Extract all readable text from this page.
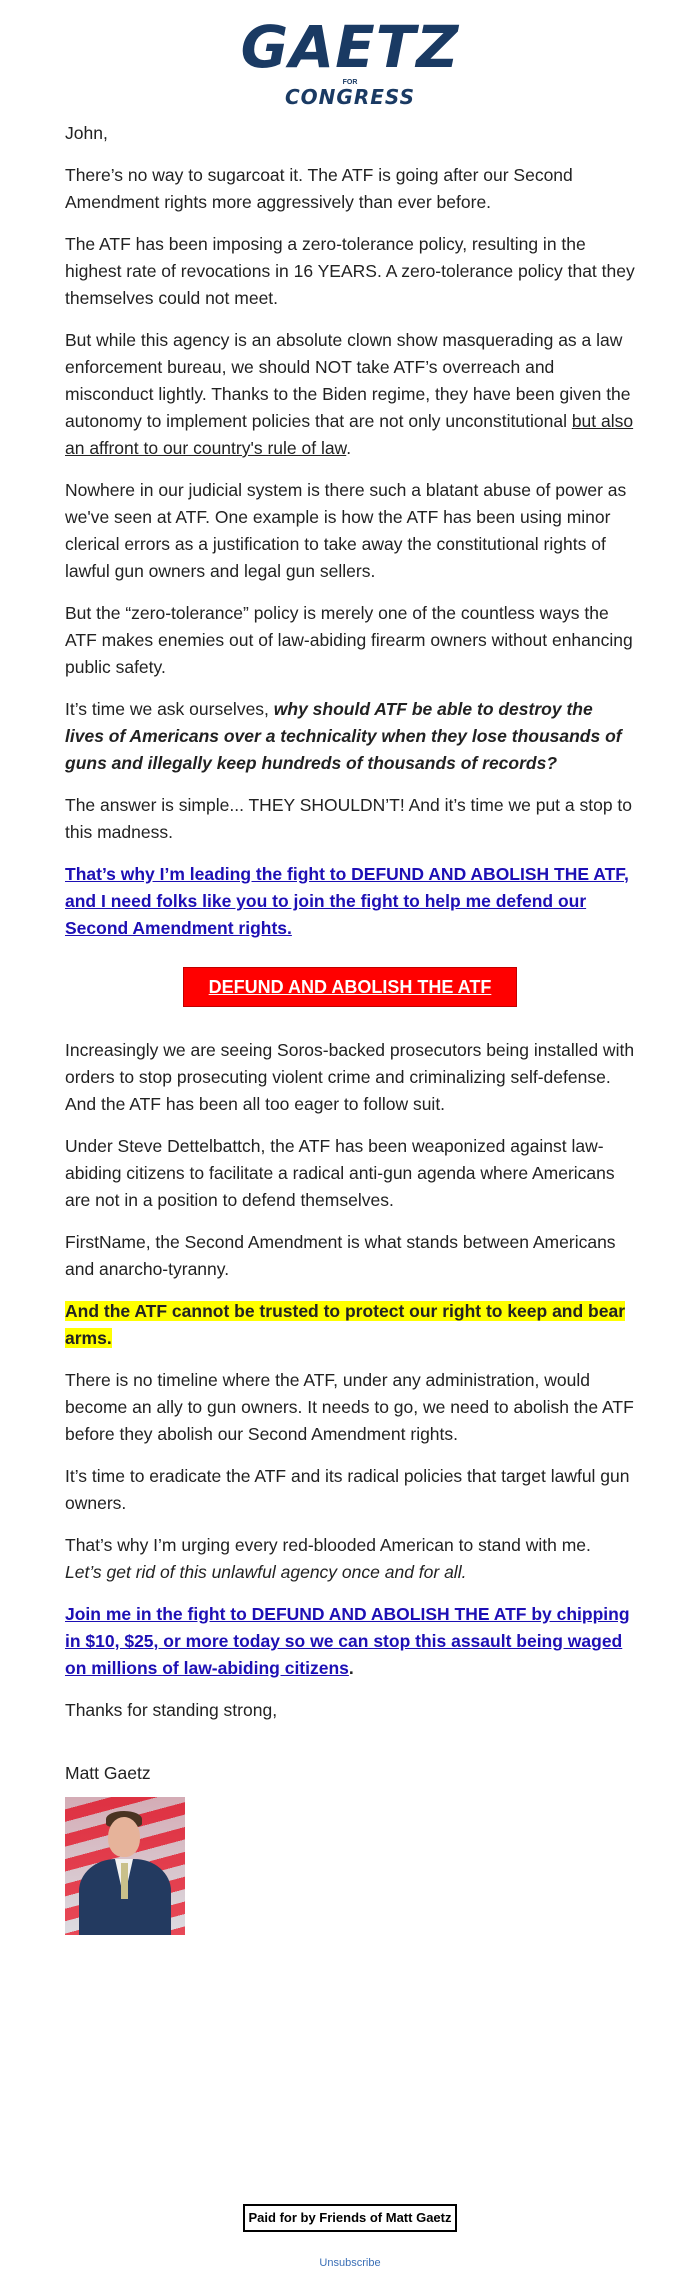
GAETZ
FOR
CONGRESS

John,

There’s no way to sugarcoat it. The ATF is going after our Second Amendment rights more aggressively than ever before.

The ATF has been imposing a zero-tolerance policy, resulting in the highest rate of revocations in 16 YEARS. A zero-tolerance policy that they themselves could not meet.

But while this agency is an absolute clown show masquerading as a law enforcement bureau, we should NOT take ATF’s overreach and misconduct lightly. Thanks to the Biden regime, they have been given the autonomy to implement policies that are not only unconstitutional but also an affront to our country's rule of law.

Nowhere in our judicial system is there such a blatant abuse of power as we've seen at ATF. One example is how the ATF has been using minor clerical errors as a justification to take away the constitutional rights of lawful gun owners and legal gun sellers.

But the “zero-tolerance” policy is merely one of the countless ways the ATF makes enemies out of law-abiding firearm owners without enhancing public safety.

It’s time we ask ourselves, why should ATF be able to destroy the lives of Americans over a technicality when they lose thousands of guns and illegally keep hundreds of thousands of records?

The answer is simple... THEY SHOULDN’T! And it’s time we put a stop to this madness.

That’s why I’m leading the fight to DEFUND AND ABOLISH THE ATF, and I need folks like you to join the fight to help me defend our Second Amendment rights.

DEFUND AND ABOLISH THE ATF

Increasingly we are seeing Soros-backed prosecutors being installed with orders to stop prosecuting violent crime and criminalizing self-defense. And the ATF has been all too eager to follow suit.

Under Steve Dettelbattch, the ATF has been weaponized against law-abiding citizens to facilitate a radical anti-gun agenda where Americans are not in a position to defend themselves.

FirstName, the Second Amendment is what stands between Americans and anarcho-tyranny.

And the ATF cannot be trusted to protect our right to keep and bear arms.

There is no timeline where the ATF, under any administration, would become an ally to gun owners. It needs to go, we need to abolish the ATF before they abolish our Second Amendment rights.

It’s time to eradicate the ATF and its radical policies that target lawful gun owners.

That’s why I’m urging every red-blooded American to stand with me.
Let’s get rid of this unlawful agency once and for all.

Join me in the fight to DEFUND AND ABOLISH THE ATF by chipping in $10, $25, or more today so we can stop this assault being waged on millions of law-abiding citizens.

Thanks for standing strong,

Matt Gaetz

Paid for by Friends of Matt Gaetz
Unsubscribe
